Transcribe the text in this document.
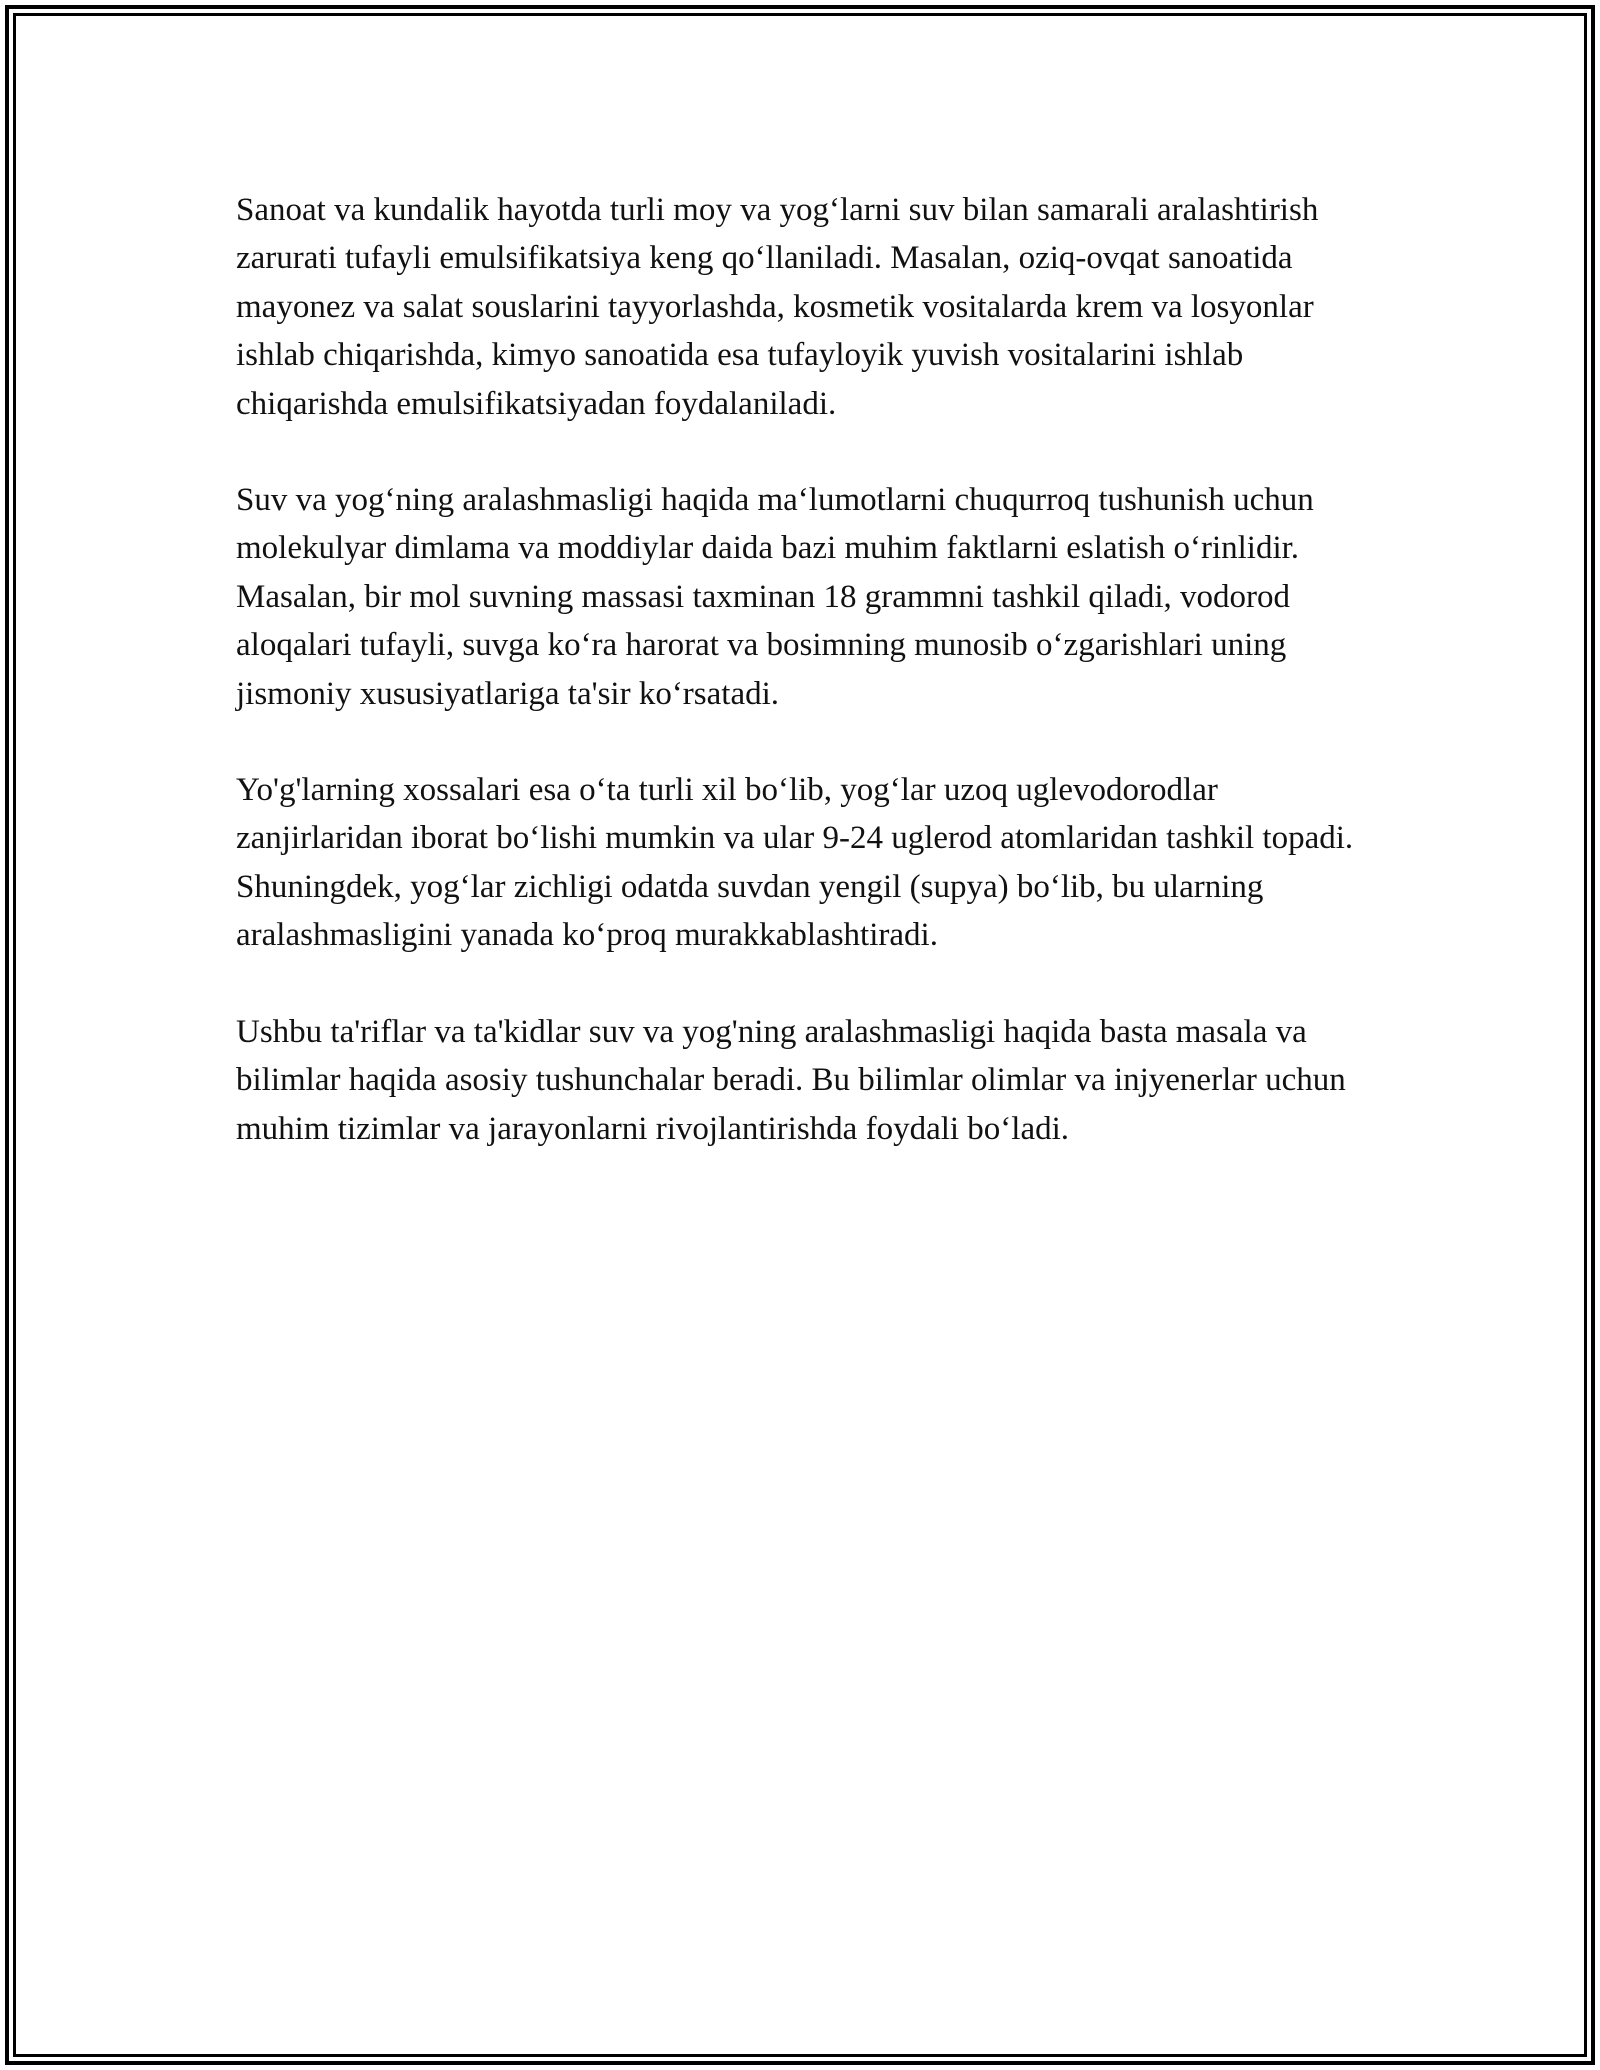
Sanoat va kundalik hayotda turli moy va yog‘larni suv bilan samarali aralashtirish zarurati tufayli emulsifikatsiya keng qo‘llaniladi. Masalan, oziq-ovqat sanoatida mayonez va salat souslarini tayyorlashda, kosmetik vositalarda krem va losyonlar ishlab chiqarishda, kimyo sanoatida esa tufayloyik yuvish vositalarini ishlab chiqarishda emulsifikatsiyadan foydalaniladi.

Suv va yog‘ning aralashmasligi haqida ma‘lumotlarni chuqurroq tushunish uchun molekulyar dimlama va moddiylar daida bazi muhim faktlarni eslatish o‘rinlidir. Masalan, bir mol suvning massasi taxminan 18 grammni tashkil qiladi, vodorod aloqalari tufayli, suvga ko‘ra harorat va bosimning munosib o‘zgarishlari uning jismoniy xususiyatlariga ta'sir ko‘rsatadi.

Yo'g'larning xossalari esa o‘ta turli xil bo‘lib, yog‘lar uzoq uglevodorodlar zanjirlaridan iborat bo‘lishi mumkin va ular 9-24 uglerod atomlaridan tashkil topadi. Shuningdek, yog‘lar zichligi odatda suvdan yengil (supya) bo‘lib, bu ularning aralashmasligini yanada ko‘proq murakkablashtiradi.

Ushbu ta'riflar va ta'kidlar suv va yog'ning aralashmasligi haqida basta masala va bilimlar haqida asosiy tushunchalar beradi. Bu bilimlar olimlar va injyenerlar uchun muhim tizimlar va jarayonlarni rivojlantirishda foydali bo‘ladi.
